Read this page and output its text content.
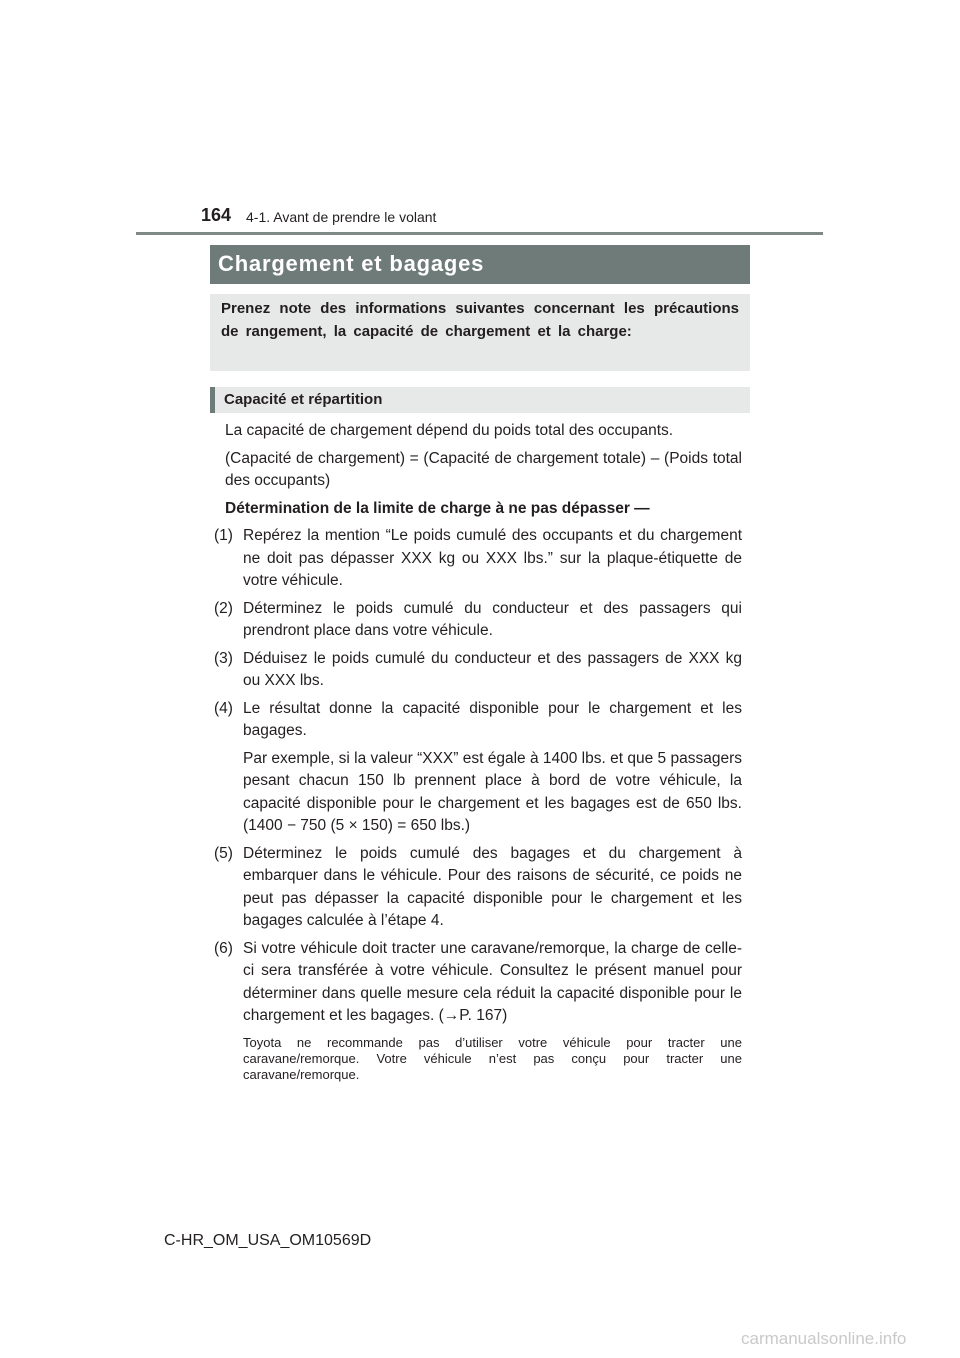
164 4-1. Avant de prendre le volant
Chargement et bagages
Prenez note des informations suivantes concernant les précautions de rangement, la capacité de chargement et la charge:
Capacité et répartition

La capacité de chargement dépend du poids total des occupants.

(Capacité de chargement) = (Capacité de chargement totale) – (Poids total des occupants)

Détermination de la limite de charge à ne pas dépasser —

(1) Repérez la mention “Le poids cumulé des occupants et du chargement ne doit pas dépasser XXX kg ou XXX lbs.” sur la plaque-étiquette de votre véhicule.
(2) Déterminez le poids cumulé du conducteur et des passagers qui prendront place dans votre véhicule.
(3) Déduisez le poids cumulé du conducteur et des passagers de XXX kg ou XXX lbs.
(4) Le résultat donne la capacité disponible pour le chargement et les bagages.
Par exemple, si la valeur “XXX” est égale à 1400 lbs. et que 5 passagers pesant chacun 150 lb prennent place à bord de votre véhicule, la capacité disponible pour le chargement et les bagages est de 650 lbs. (1400 − 750 (5 × 150) = 650 lbs.)
(5) Déterminez le poids cumulé des bagages et du chargement à embarquer dans le véhicule. Pour des raisons de sécurité, ce poids ne peut pas dépasser la capacité disponible pour le chargement et les bagages calculée à l’étape 4.
(6) Si votre véhicule doit tracter une caravane/remorque, la charge de celle-ci sera transférée à votre véhicule. Consultez le présent manuel pour déterminer dans quelle mesure cela réduit la capacité disponible pour le chargement et les bagages. (→P. 167)
Toyota ne recommande pas d’utiliser votre véhicule pour tracter une caravane/remorque. Votre véhicule n’est pas conçu pour tracter une caravane/remorque.
C-HR_OM_USA_OM10569D
carmanualsonline.info
